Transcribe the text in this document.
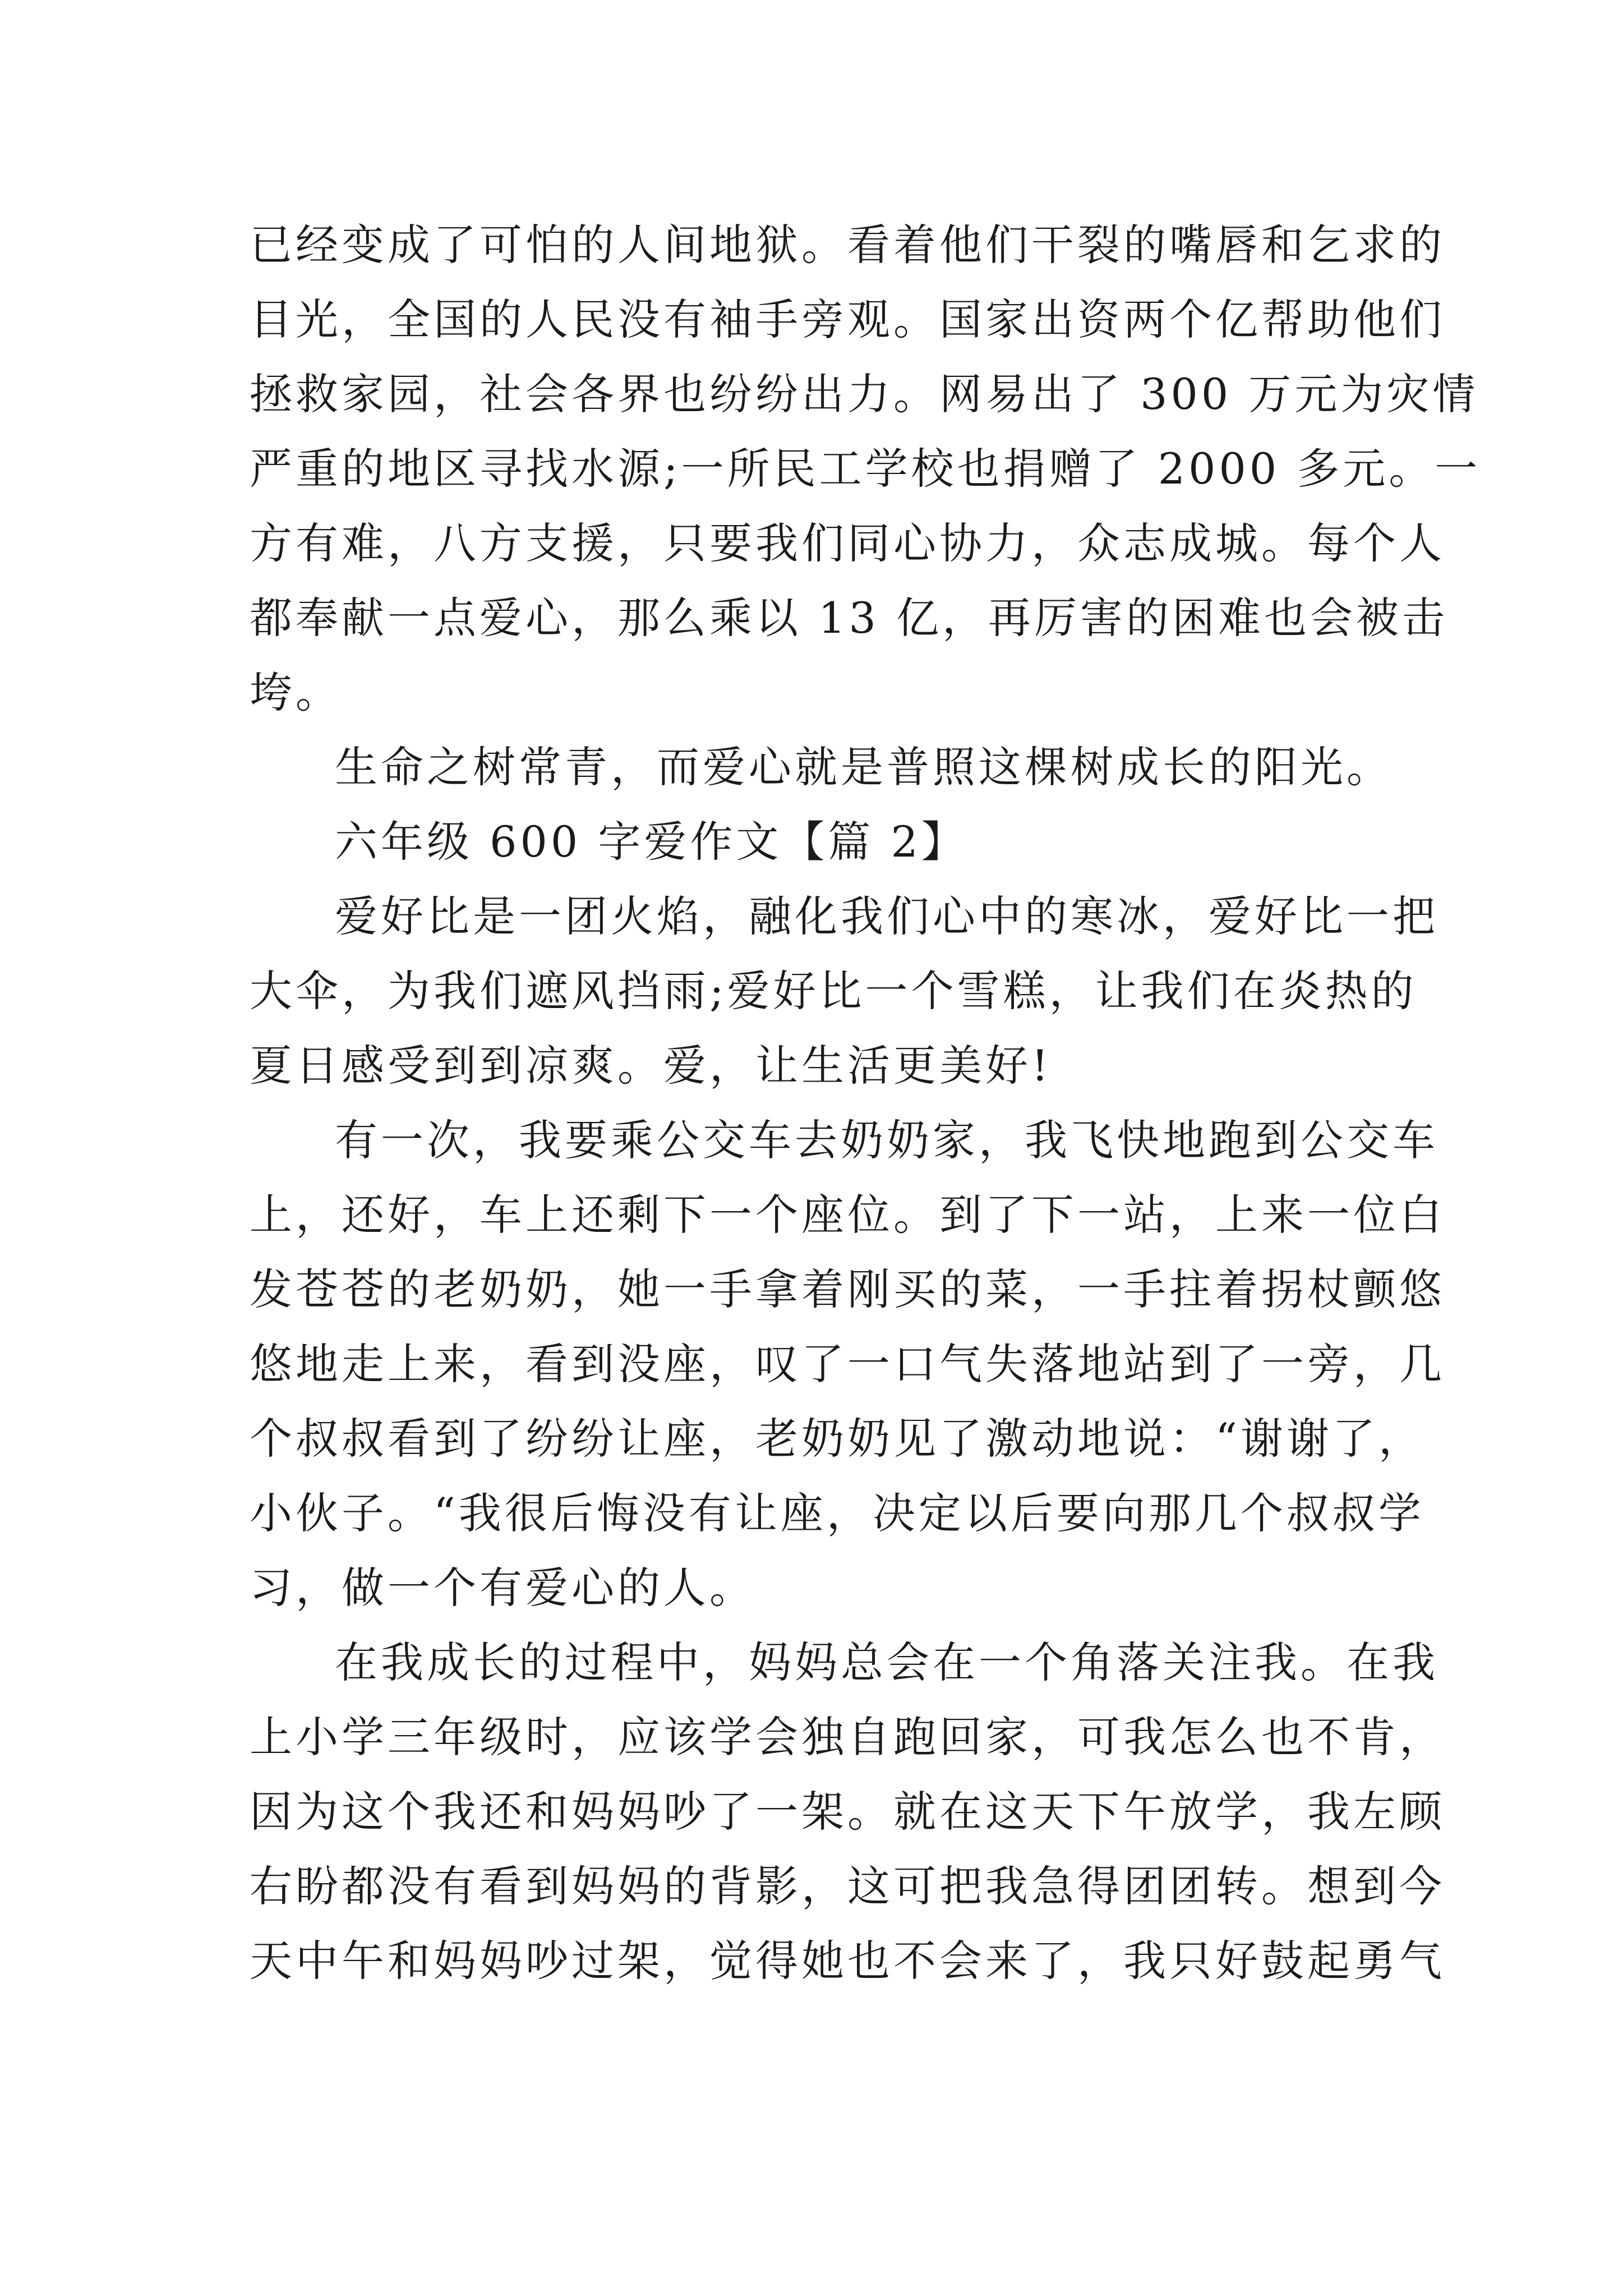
已经变成了可怕的人间地狱。看着他们干裂的嘴唇和乞求的
目光，全国的人民没有袖手旁观。国家出资两个亿帮助他们
拯救家园，社会各界也纷纷出力。网易出了 300 万元为灾情
严重的地区寻找水源;一所民工学校也捐赠了 2000 多元。一
方有难，八方支援，只要我们同心协力，众志成城。每个人
都奉献一点爱心，那么乘以 13 亿，再厉害的困难也会被击
垮。
生命之树常青，而爱心就是普照这棵树成长的阳光。
六年级 600 字爱作文【篇 2】
爱好比是一团火焰，融化我们心中的寒冰，爱好比一把
大伞，为我们遮风挡雨;爱好比一个雪糕，让我们在炎热的
夏日感受到到凉爽。爱，让生活更美好!
有一次，我要乘公交车去奶奶家，我飞快地跑到公交车
上，还好，车上还剩下一个座位。到了下一站，上来一位白
发苍苍的老奶奶，她一手拿着刚买的菜，一手拄着拐杖颤悠
悠地走上来，看到没座，叹了一口气失落地站到了一旁，几
个叔叔看到了纷纷让座，老奶奶见了激动地说：“谢谢了，
小伙子。“我很后悔没有让座，决定以后要向那几个叔叔学
习，做一个有爱心的人。
在我成长的过程中，妈妈总会在一个角落关注我。在我
上小学三年级时，应该学会独自跑回家，可我怎么也不肯，
因为这个我还和妈妈吵了一架。就在这天下午放学，我左顾
右盼都没有看到妈妈的背影，这可把我急得团团转。想到今
天中午和妈妈吵过架，觉得她也不会来了，我只好鼓起勇气
